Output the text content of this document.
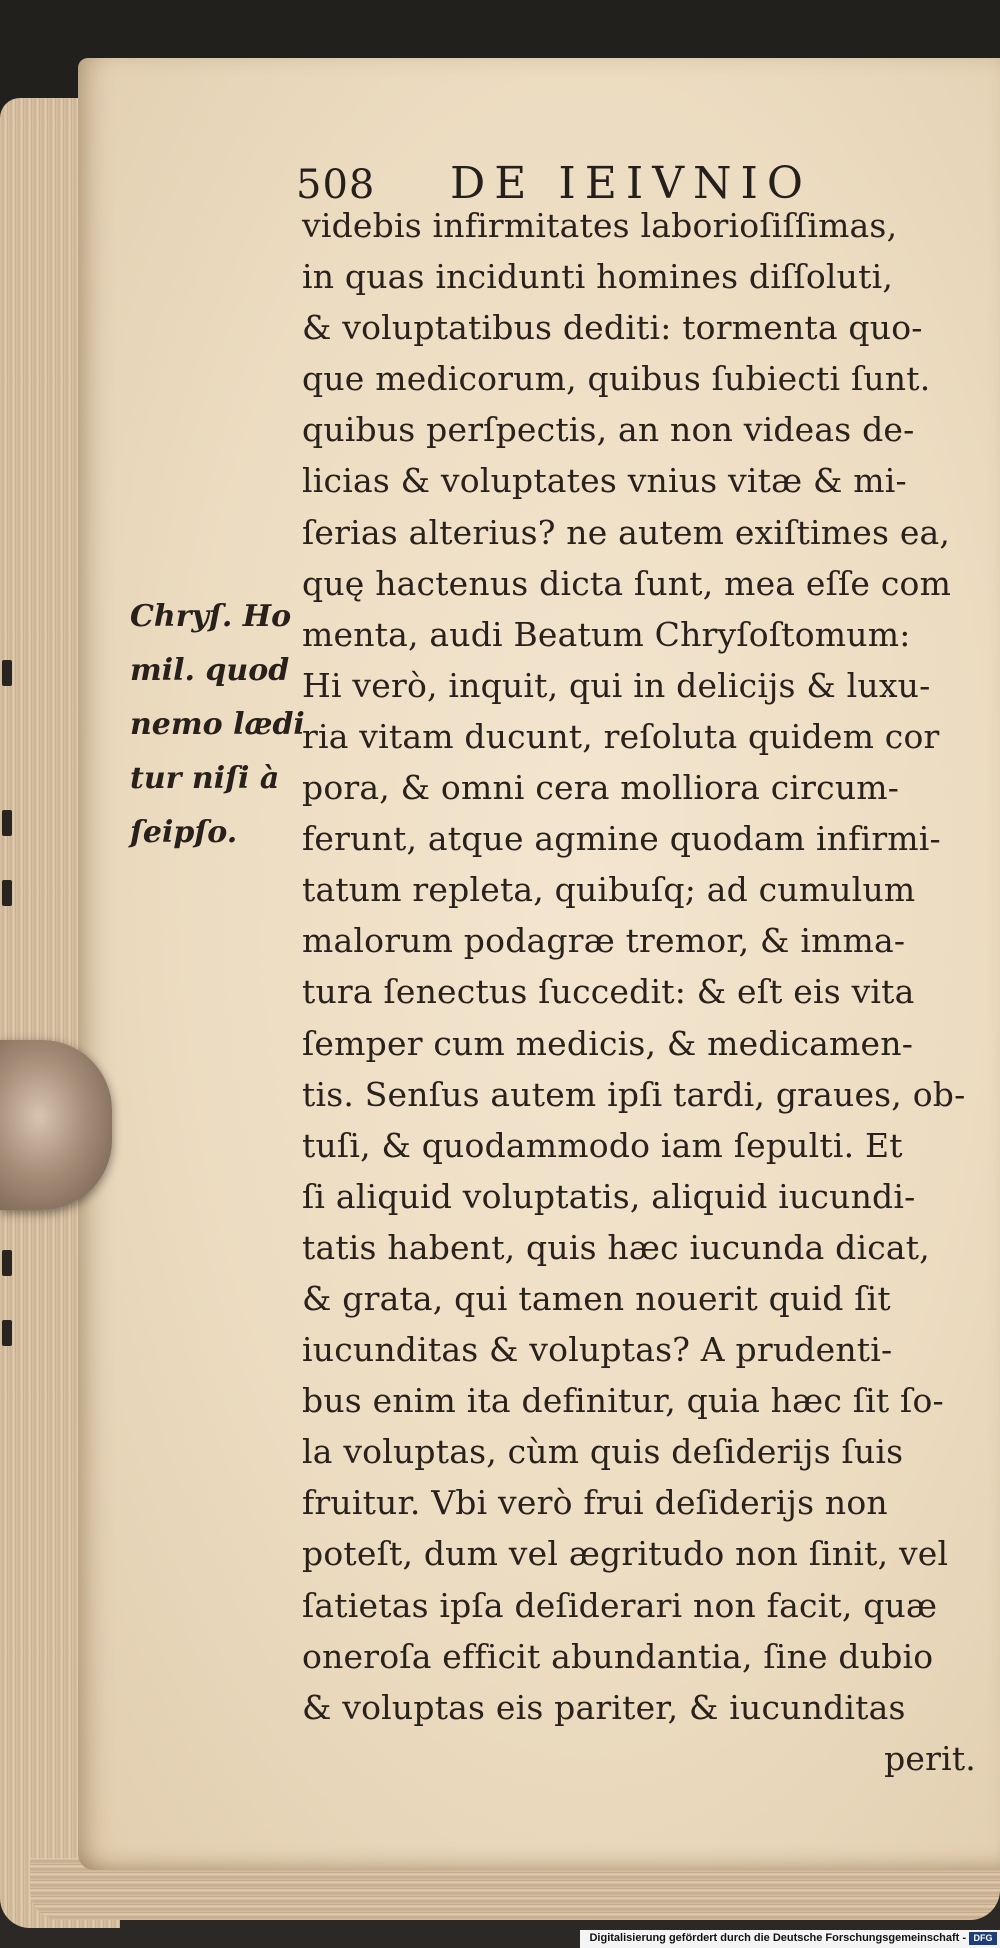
508 DE IEIVNIO
Chryſ. Ho
mil. quod
nemo lædi
tur niſi à
ſeipſo.
videbis infirmitates laborioſiſſimas,
in quas incidunti homines diſſoluti,
& voluptatibus dediti: tormenta quo-
que medicorum, quibus ſubiecti ſunt.
quibus perſpectis, an non videas de-
licias & voluptates vnius vitæ & mi-
ſerias alterius? ne autem exiſtimes ea,
quę hactenus dicta ſunt, mea eſſe com
menta, audi Beatum Chryſoſtomum:
Hi verò, inquit, qui in delicijs & luxu-
ria vitam ducunt, reſoluta quidem cor
pora, & omni cera molliora circum-
ferunt, atque agmine quodam infirmi-
tatum repleta, quibuſq; ad cumulum
malorum podagræ tremor, & imma-
tura ſenectus ſuccedit: & eſt eis vita
ſemper cum medicis, & medicamen-
tis. Senſus autem ipſi tardi, graues, ob-
tuſi, & quodammodo iam ſepulti. Et
ſi aliquid voluptatis, aliquid iucundi-
tatis habent, quis hæc iucunda dicat,
& grata, qui tamen nouerit quid ſit
iucunditas & voluptas? A prudenti-
bus enim ita definitur, quia hæc ſit ſo-
la voluptas, cùm quis deſiderijs ſuis
fruitur. Vbi verò frui deſiderijs non
poteſt, dum vel ægritudo non ſinit, vel
ſatietas ipſa deſiderari non facit, quæ
oneroſa efficit abundantia, ſine dubio
& voluptas eis pariter, & iucunditas
perit.
Digitalisierung gefördert durch die Deutsche Forschungsgemeinschaft - DFG
